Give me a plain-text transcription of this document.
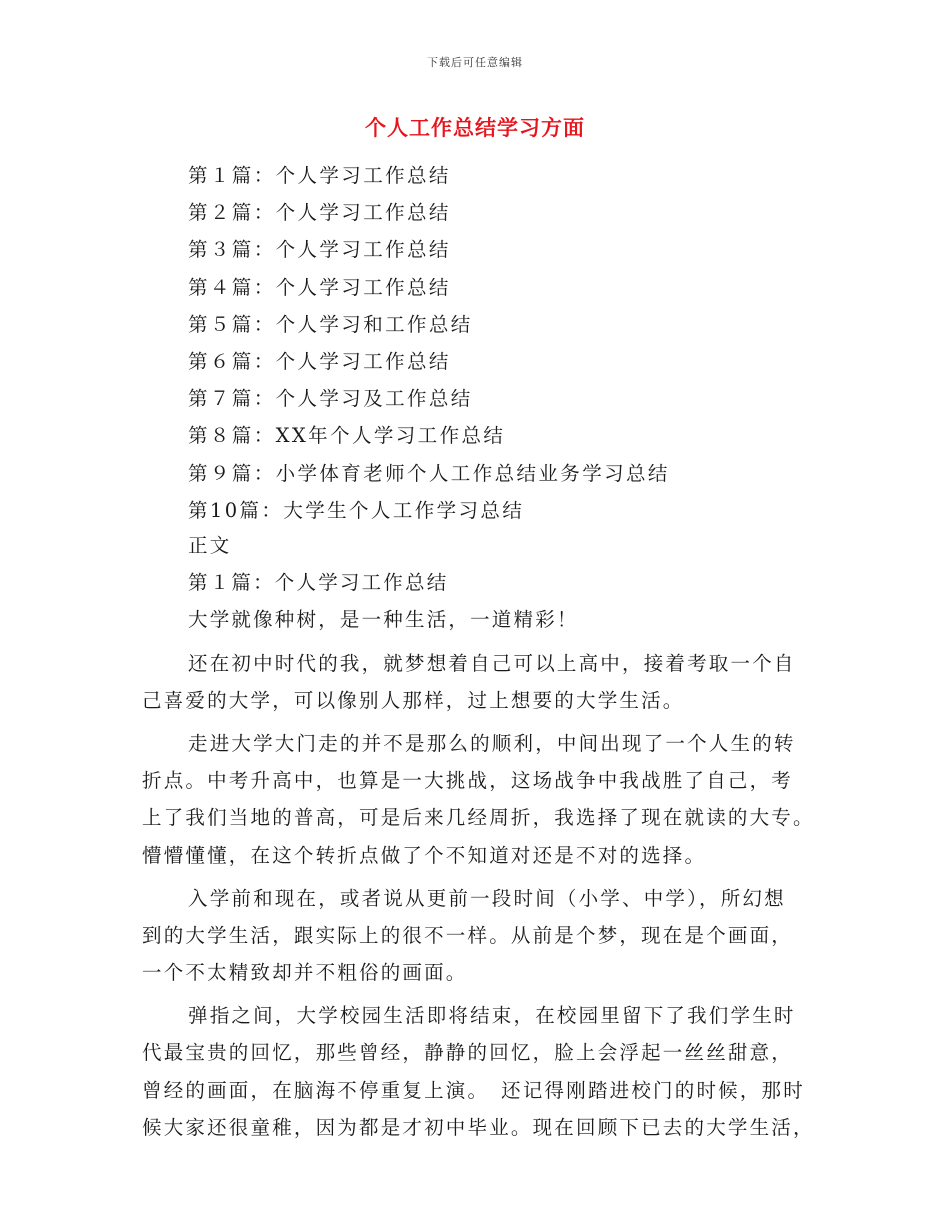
下载后可任意编辑
个人工作总结学习方面
第１篇：个人学习工作总结
第２篇：个人学习工作总结
第３篇：个人学习工作总结
第４篇：个人学习工作总结
第５篇：个人学习和工作总结
第６篇：个人学习工作总结
第７篇：个人学习及工作总结
第８篇：XX年个人学习工作总结
第９篇：小学体育老师个人工作总结业务学习总结
第10篇：大学生个人工作学习总结
正文
第１篇：个人学习工作总结
大学就像种树，是一种生活，一道精彩！
还在初中时代的我，就梦想着自己可以上高中，接着考取一个自
己喜爱的大学，可以像别人那样，过上想要的大学生活。
走进大学大门走的并不是那么的顺利，中间出现了一个人生的转
折点。中考升高中，也算是一大挑战，这场战争中我战胜了自己，考
上了我们当地的普高，可是后来几经周折，我选择了现在就读的大专。
懵懵懂懂，在这个转折点做了个不知道对还是不对的选择。
入学前和现在，或者说从更前一段时间（小学、中学），所幻想
到的大学生活，跟实际上的很不一样。从前是个梦，现在是个画面，
一个不太精致却并不粗俗的画面。
弹指之间，大学校园生活即将结束，在校园里留下了我们学生时
代最宝贵的回忆，那些曾经，静静的回忆，脸上会浮起一丝丝甜意，
曾经的画面，在脑海不停重复上演。　还记得刚踏进校门的时候，那时
候大家还很童稚，因为都是才初中毕业。现在回顾下已去的大学生活，
